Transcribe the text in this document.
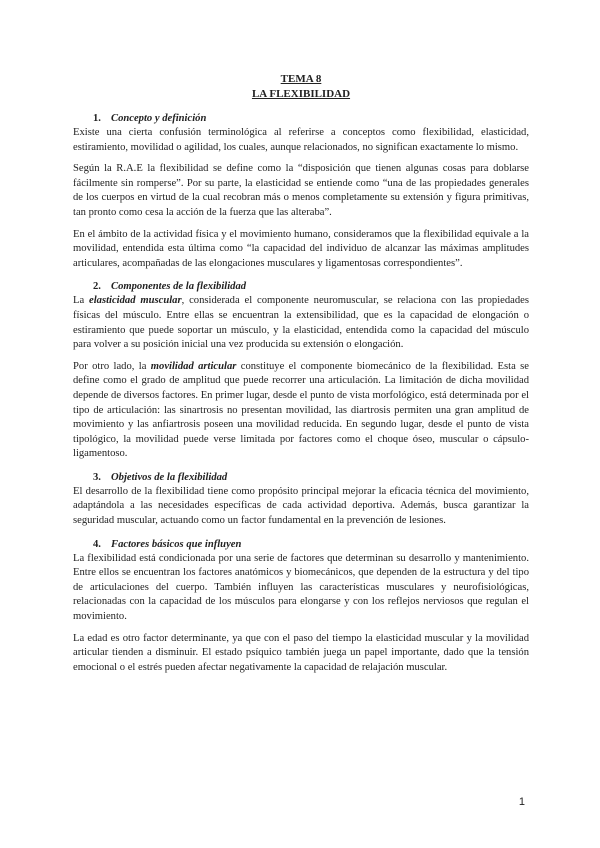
TEMA 8
LA FLEXIBILIDAD
1. Concepto y definición

Existe una cierta confusión terminológica al referirse a conceptos como flexibilidad, elasticidad, estiramiento, movilidad o agilidad, los cuales, aunque relacionados, no significan exactamente lo mismo.

Según la R.A.E la flexibilidad se define como la “disposición que tienen algunas cosas para doblarse fácilmente sin romperse”. Por su parte, la elasticidad se entiende como “una de las propiedades generales de los cuerpos en virtud de la cual recobran más o menos completamente su extensión y figura primitivas, tan pronto como cesa la acción de la fuerza que las alteraba”.

En el ámbito de la actividad física y el movimiento humano, consideramos que la flexibilidad equivale a la movilidad, entendida esta última como “la capacidad del individuo de alcanzar las máximas amplitudes articulares, acompañadas de las elongaciones musculares y ligamentosas correspondientes”.

2. Componentes de la flexibilidad

La elasticidad muscular, considerada el componente neuromuscular, se relaciona con las propiedades físicas del músculo. Entre ellas se encuentran la extensibilidad, que es la capacidad de elongación o estiramiento que puede soportar un músculo, y la elasticidad, entendida como la capacidad del músculo para volver a su posición inicial una vez producida su extensión o elongación.

Por otro lado, la movilidad articular constituye el componente biomecánico de la flexibilidad. Esta se define como el grado de amplitud que puede recorrer una articulación. La limitación de dicha movilidad depende de diversos factores. En primer lugar, desde el punto de vista morfológico, está determinada por el tipo de articulación: las sinartrosis no presentan movilidad, las diartrosis permiten una gran amplitud de movimiento y las anfiartrosis poseen una movilidad reducida. En segundo lugar, desde el punto de vista tipológico, la movilidad puede verse limitada por factores como el choque óseo, muscular o cápsulo-ligamentoso.

3. Objetivos de la flexibilidad

El desarrollo de la flexibilidad tiene como propósito principal mejorar la eficacia técnica del movimiento, adaptándola a las necesidades específicas de cada actividad deportiva. Además, busca garantizar la seguridad muscular, actuando como un factor fundamental en la prevención de lesiones.

4. Factores básicos que influyen

La flexibilidad está condicionada por una serie de factores que determinan su desarrollo y mantenimiento. Entre ellos se encuentran los factores anatómicos y biomecánicos, que dependen de la estructura y del tipo de articulaciones del cuerpo. También influyen las características musculares y neurofisiológicas, relacionadas con la capacidad de los músculos para elongarse y con los reflejos nerviosos que regulan el movimiento.

La edad es otro factor determinante, ya que con el paso del tiempo la elasticidad muscular y la movilidad articular tienden a disminuir. El estado psíquico también juega un papel importante, dado que la tensión emocional o el estrés pueden afectar negativamente la capacidad de relajación muscular.

1
